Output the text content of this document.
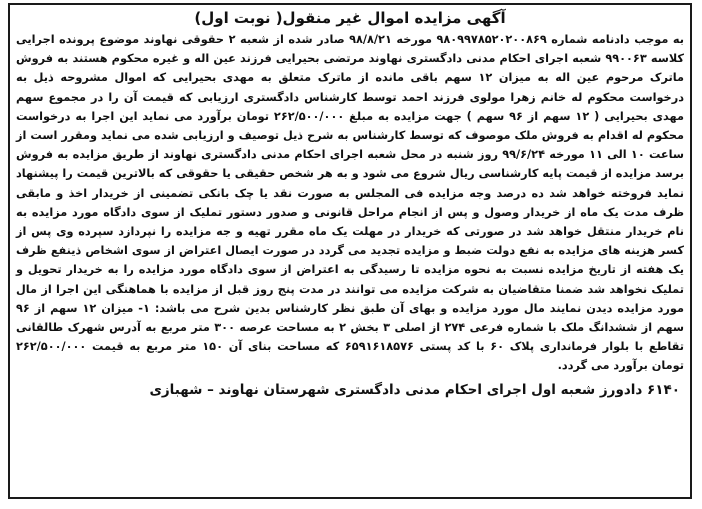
آگهی مزایده اموال غیر منقول( نوبت اول)

به موجب دادنامه شماره ۹۸۰۹۹۷۸۵۲۰۲۰۰۸۶۹ مورخه ۹۸/۸/۲۱ صادر شده از شعبه ۲ حقوقی نهاوند موضوع پرونده اجرایی کلاسه ۹۹۰۰۶۳ شعبه اجرای احکام مدنی دادگستری نهاوند مرتضی بحیرایی فرزند عین اله و غیره محکوم هستند به فروش ماترک مرحوم عین اله به میزان ۱۲ سهم باقی مانده از ماترک متعلق به مهدی بحیرایی که اموال مشروحه ذیل به درخواست محکوم له خانم زهرا مولوی فرزند احمد توسط کارشناس دادگستری ارزیابی که قیمت آن را در مجموع سهم مهدی بحیرایی ( ۱۲ سهم از ۹۶ سهم ) جهت مزایده به مبلغ ۲۶۲/۵۰۰/۰۰۰ تومان برآورد می نماید این اجرا به درخواست محکوم له اقدام به فروش ملک موصوف که توسط کارشناس به شرح ذیل توصیف و ارزیابی شده می نماید ومقرر است از ساعت ۱۰ الی ۱۱ مورخه ۹۹/۶/۲۴ روز شنبه در محل شعبه اجرای احکام مدنی دادگستری نهاوند از طریق مزایده به فروش برسد مزایده از قیمت پایه کارشناسی ریال شروع می شود و به هر شخص حقیقی یا حقوقی که بالاترین قیمت را پیشنهاد نماید فروخته خواهد شد ده درصد وجه مزایده فی المجلس به صورت نقد یا چک بانکی تضمینی از خریدار اخذ و مابقی ظرف مدت یک ماه از خریدار وصول و پس از انجام مراحل قانونی و صدور دستور تملیک از سوی دادگاه مورد مزایده به نام خریدار منتقل خواهد شد در صورتی که خریدار در مهلت یک ماه مقرر تهیه و جه مزایده را نپردازد سپرده وی پس از کسر هزینه های مزایده به نفع دولت ضبط و مزایده تجدید می گردد در صورت ایصال اعتراض از سوی اشخاص ذینفع ظرف یک هفته از تاریخ مزایده نسبت به نحوه مزایده تا رسیدگی به اعتراض از سوی دادگاه مورد مزایده را به خریدار تحویل و تملیک نخواهد شد ضمنا متقاضیان به شرکت مزایده می توانند در مدت پنج روز قبل از مزایده با هماهنگی این اجرا از مال مورد مزایده دیدن نمایند مال مورد مزایده و بهای آن طبق نظر کارشناس بدین شرح می باشد: ۱- میزان ۱۲ سهم از ۹۶ سهم از ششدانگ ملک با شماره فرعی ۲۷۴ از اصلی ۳ بخش ۲ به مساحت عرصه ۳۰۰ متر مربع به آدرس شهرک طالقانی تقاطع با بلوار فرمانداری پلاک ۶۰ با کد پستی ۶۵۹۱۶۱۸۵۷۶ که مساحت بنای آن ۱۵۰ متر مربع به قیمت ۲۶۲/۵۰۰/۰۰۰ تومان برآورد می گردد.

۶۱۴۰ دادورز شعبه اول اجرای احکام مدنی دادگستری شهرستان نهاوند – شهبازی
